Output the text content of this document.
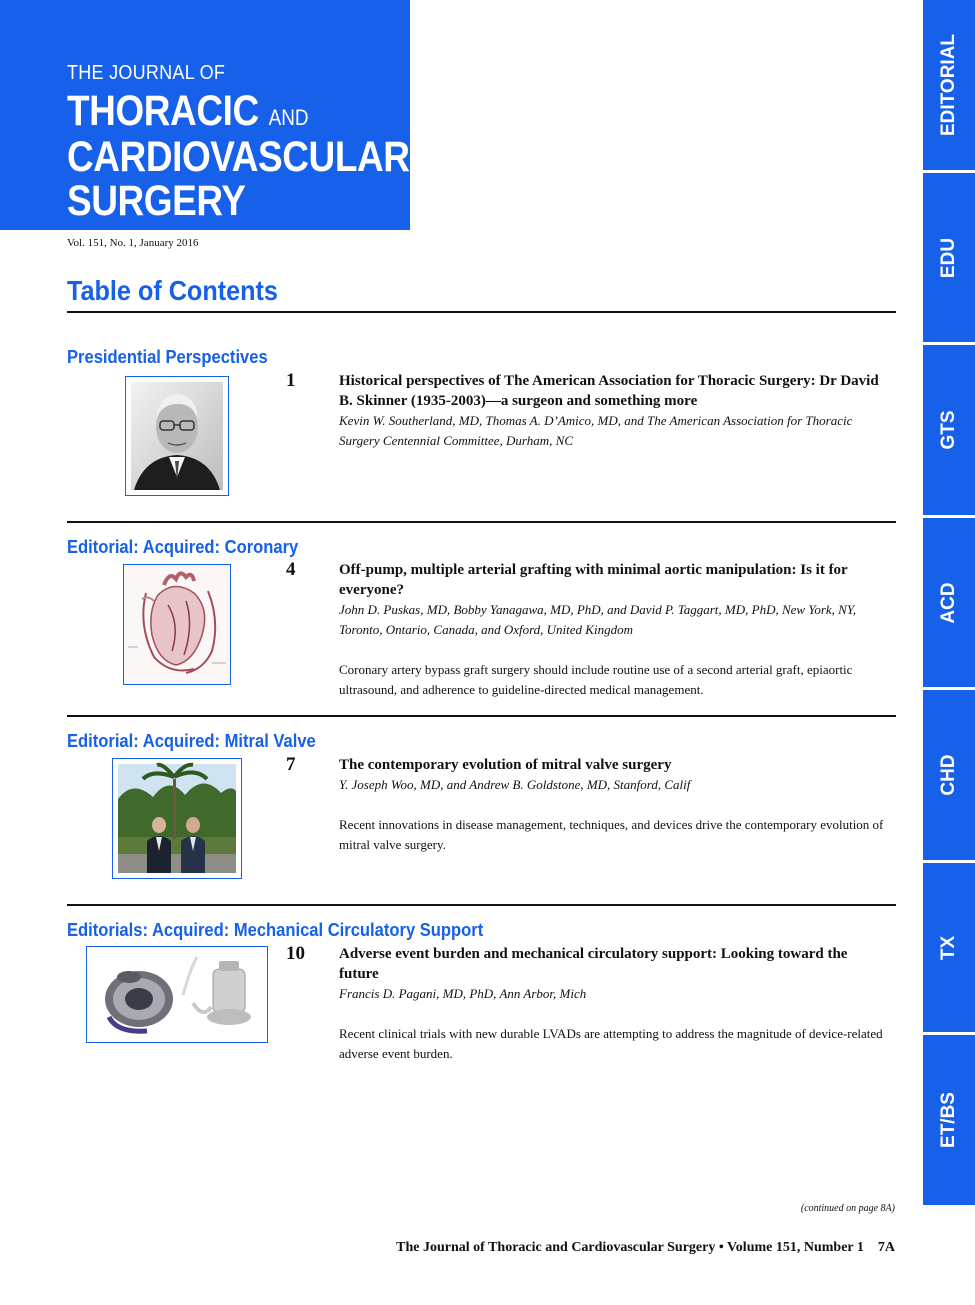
THE JOURNAL OF
THORACIC AND
CARDIOVASCULAR
SURGERY
Vol. 151, No. 1, January 2016
Table of Contents
Presidential Perspectives
1	Historical perspectives of The American Association for Thoracic Surgery: Dr David B. Skinner (1935-2003)—a surgeon and something more
Kevin W. Southerland, MD, Thomas A. D’Amico, MD, and The American Association for Thoracic Surgery Centennial Committee, Durham, NC
Editorial: Acquired: Coronary
4	Off-pump, multiple arterial grafting with minimal aortic manipulation: Is it for everyone?
John D. Puskas, MD, Bobby Yanagawa, MD, PhD, and David P. Taggart, MD, PhD, New York, NY, Toronto, Ontario, Canada, and Oxford, United Kingdom
Coronary artery bypass graft surgery should include routine use of a second arterial graft, epiaortic ultrasound, and adherence to guideline-directed medical management.
Editorial: Acquired: Mitral Valve
7	The contemporary evolution of mitral valve surgery
Y. Joseph Woo, MD, and Andrew B. Goldstone, MD, Stanford, Calif
Recent innovations in disease management, techniques, and devices drive the contemporary evolution of mitral valve surgery.
Editorials: Acquired: Mechanical Circulatory Support
10 Adverse event burden and mechanical circulatory support: Looking toward the future
Francis D. Pagani, MD, PhD, Ann Arbor, Mich
Recent clinical trials with new durable LVADs are attempting to address the magnitude of device-related adverse event burden.
EDITORIAL
EDU
GTS
ACD
CHD
TX
ET/BS
(continued on page 8A)
The Journal of Thoracic and Cardiovascular Surgery • Volume 151, Number 1    7A
